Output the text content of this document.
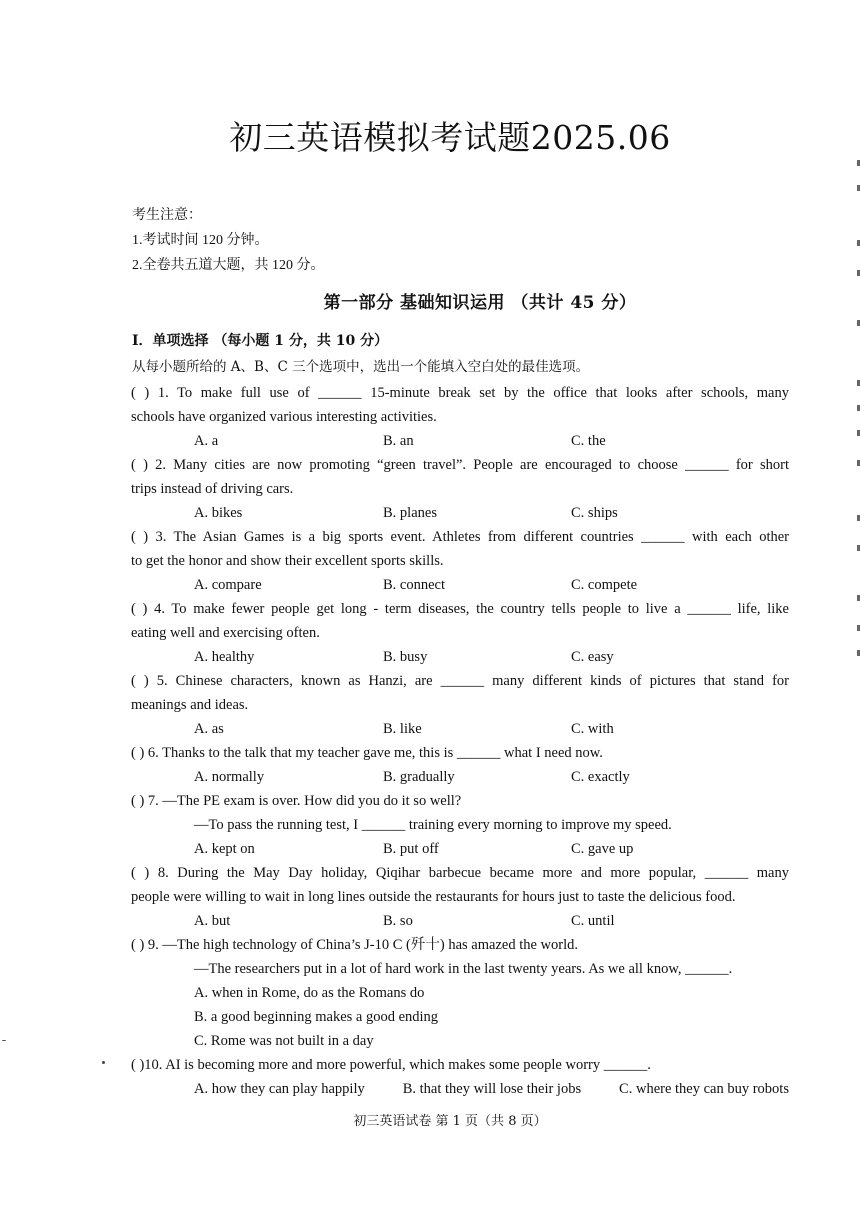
初三英语模拟考试题2025.06
考生注意：
1.考试时间 120 分钟。
2.全卷共五道大题，共 120 分。
第一部分 基础知识运用 （共计 45 分）
I．单项选择 （每小题 1 分，共 10 分）
从每小题所给的 A、B、C 三个选项中，选出一个能填入空白处的最佳选项。
( ) 1. To make full use of ______ 15-minute break set by the office that looks after schools, many
schools have organized various interesting activities.
A. a	B. an	C. the
( ) 2. Many cities are now promoting “green travel”. People are encouraged to choose ______ for short
trips instead of driving cars.
A. bikes	B. planes	C. ships
( ) 3. The Asian Games is a big sports event. Athletes from different countries ______ with each other
to get the honor and show their excellent sports skills.
A. compare	B. connect	C. compete
( ) 4. To make fewer people get long - term diseases, the country tells people to live a ______ life, like
eating well and exercising often.
A. healthy	B. busy	C. easy
( ) 5. Chinese characters, known as Hanzi, are ______ many different kinds of pictures that stand for
meanings and ideas.
A. as	B. like	C. with
( ) 6. Thanks to the talk that my teacher gave me, this is ______ what I need now.
A. normally	B. gradually	C. exactly
( ) 7. —The PE exam is over. How did you do it so well?
—To pass the running test, I ______ training every morning to improve my speed.
A. kept on	B. put off	C. gave up
( ) 8. During the May Day holiday, Qiqihar barbecue became more and more popular, ______ many
people were willing to wait in long lines outside the restaurants for hours just to taste the delicious food.
A. but	B. so	C. until
( ) 9. —The high technology of China’s J-10 C (歼十) has amazed the world.
—The researchers put in a lot of hard work in the last twenty years. As we all know, ______.
A. when in Rome, do as the Romans do
B. a good beginning makes a good ending
C. Rome was not built in a day
( )10. AI is becoming more and more powerful, which makes some people worry ______.
A. how they can play happily	B. that they will lose their jobs	C. where they can buy robots
初三英语试卷 第 1 页（共 8 页）
